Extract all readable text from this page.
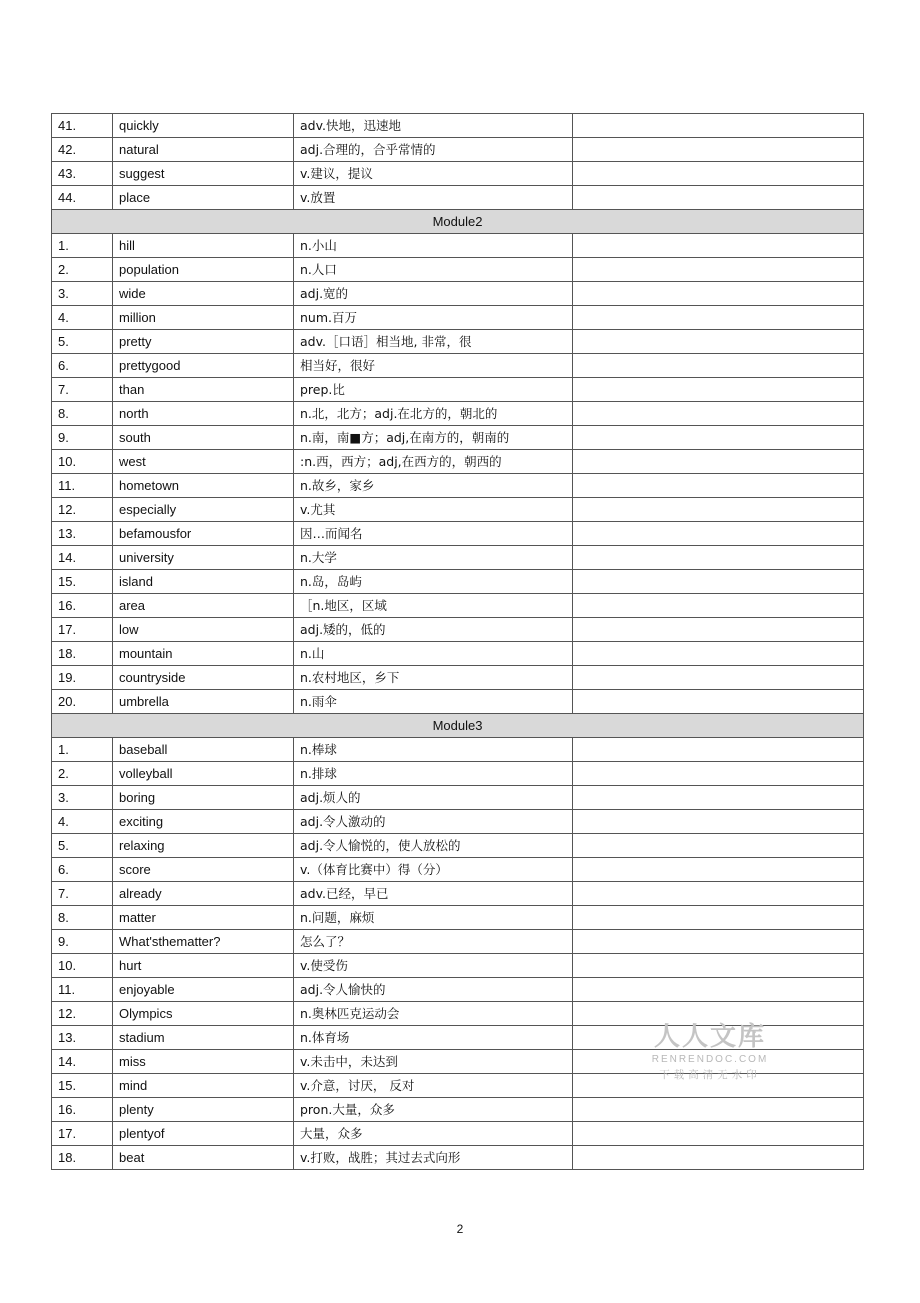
41.	quickly	adv.快地，迅速地
42.	natural	adj.合理的，合乎常情的
43.	suggest	v.建议，提议
44.	place	v.放置
Module2
1.	hill	n.小山
2.	population	n.人口
3.	wide	adj.宽的
4.	million	num.百万
5.	pretty	adv.［口语］相当地, 非常，很
6.	prettygood	相当好，很好
7.	than	prep.比
8.	north	n.北，北方；adj.在北方的，朝北的
9.	south	n.南，南■方；adj,在南方的，朝南的
10.	west	:n.西，西方；adj,在西方的，朝西的
11.	hometown	n.故乡，家乡
12.	especially	v.尤其
13.	befamousfor	因…而闻名
14.	university	n.大学
15.	island	n.岛，岛屿
16.	area	［n.地区，区域
17.	low	adj.矮的，低的
18.	mountain	n.山
19.	countryside	n.农村地区，乡下
20.	umbrella	n.雨伞
Module3
1.	baseball	n.棒球
2.	volleyball	n.排球
3.	boring	adj.烦人的
4.	exciting	adj.令人激动的
5.	relaxing	adj.令人愉悦的，使人放松的
6.	score	v.（体育比赛中）得（分）
7.	already	adv.已经，早已
8.	matter	n.问题，麻烦
9.	What'sthematter?	怎么了？
10.	hurt	v.使受伤
11.	enjoyable	adj.令人愉快的
12.	Olympics	n.奥林匹克运动会
13.	stadium	n.体育场
14.	miss	v.未击中，未达到
15.	mind	v.介意，讨厌， 反对
16.	plenty	pron.大量，众多
17.	plentyof	大量，众多
18.	beat	v.打败，战胜；其过去式向形
2
人人文库
RENRENDOC.COM
下载高清无水印
